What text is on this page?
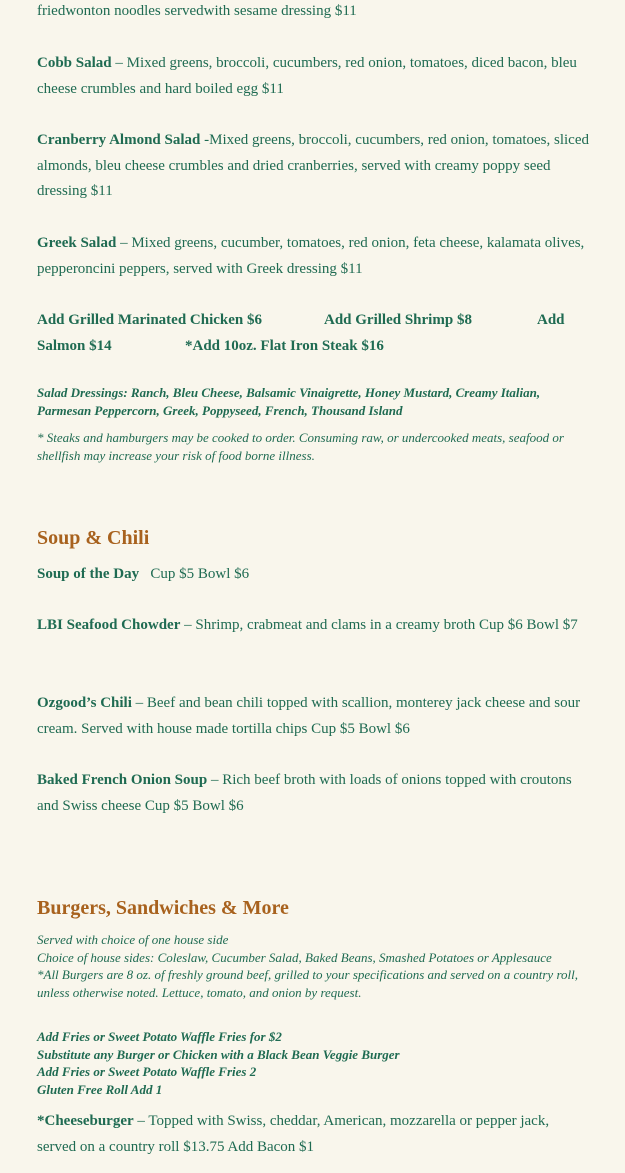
friedwonton noodles servedwith sesame dressing $11

Cobb Salad – Mixed greens, broccoli, cucumbers, red onion, tomatoes, diced bacon, bleu cheese crumbles and hard boiled egg $11

Cranberry Almond Salad -Mixed greens, broccoli, cucumbers, red onion, tomatoes, sliced almonds, bleu cheese crumbles and dried cranberries, served with creamy poppy seed dressing $11

Greek Salad – Mixed greens, cucumber, tomatoes, red onion, feta cheese, kalamata olives, pepperoncini peppers, served with Greek dressing $11

Add Grilled Marinated Chicken $6	Add Grilled Shrimp $8	Add
Salmon $14	*Add 10oz. Flat Iron Steak $16

Salad Dressings: Ranch, Bleu Cheese, Balsamic Vinaigrette, Honey Mustard, Creamy Italian, Parmesan Peppercorn, Greek, Poppyseed, French, Thousand Island

* Steaks and hamburgers may be cooked to order. Consuming raw, or undercooked meats, seafood or shellfish may increase your risk of food borne illness.

Soup & Chili

Soup of the Day   Cup $5 Bowl $6

LBI Seafood Chowder – Shrimp, crabmeat and clams in a creamy broth Cup $6 Bowl $7

Ozgood’s Chili – Beef and bean chili topped with scallion, monterey jack cheese and sour cream. Served with house made tortilla chips Cup $5 Bowl $6

Baked French Onion Soup – Rich beef broth with loads of onions topped with croutons and Swiss cheese Cup $5 Bowl $6

Burgers, Sandwiches & More

Served with choice of one house side

Choice of house sides: Coleslaw, Cucumber Salad, Baked Beans, Smashed Potatoes or Applesauce

*All Burgers are 8 oz. of freshly ground beef, grilled to your specifications and served on a country roll, unless otherwise noted. Lettuce, tomato, and onion by request.

Add Fries or Sweet Potato Waffle Fries for $2

Substitute any Burger or Chicken with a Black Bean Veggie Burger

Add Fries or Sweet Potato Waffle Fries 2

Gluten Free Roll Add 1

*Cheeseburger – Topped with Swiss, cheddar, American, mozzarella or pepper jack, served on a country roll $13.75 Add Bacon $1
